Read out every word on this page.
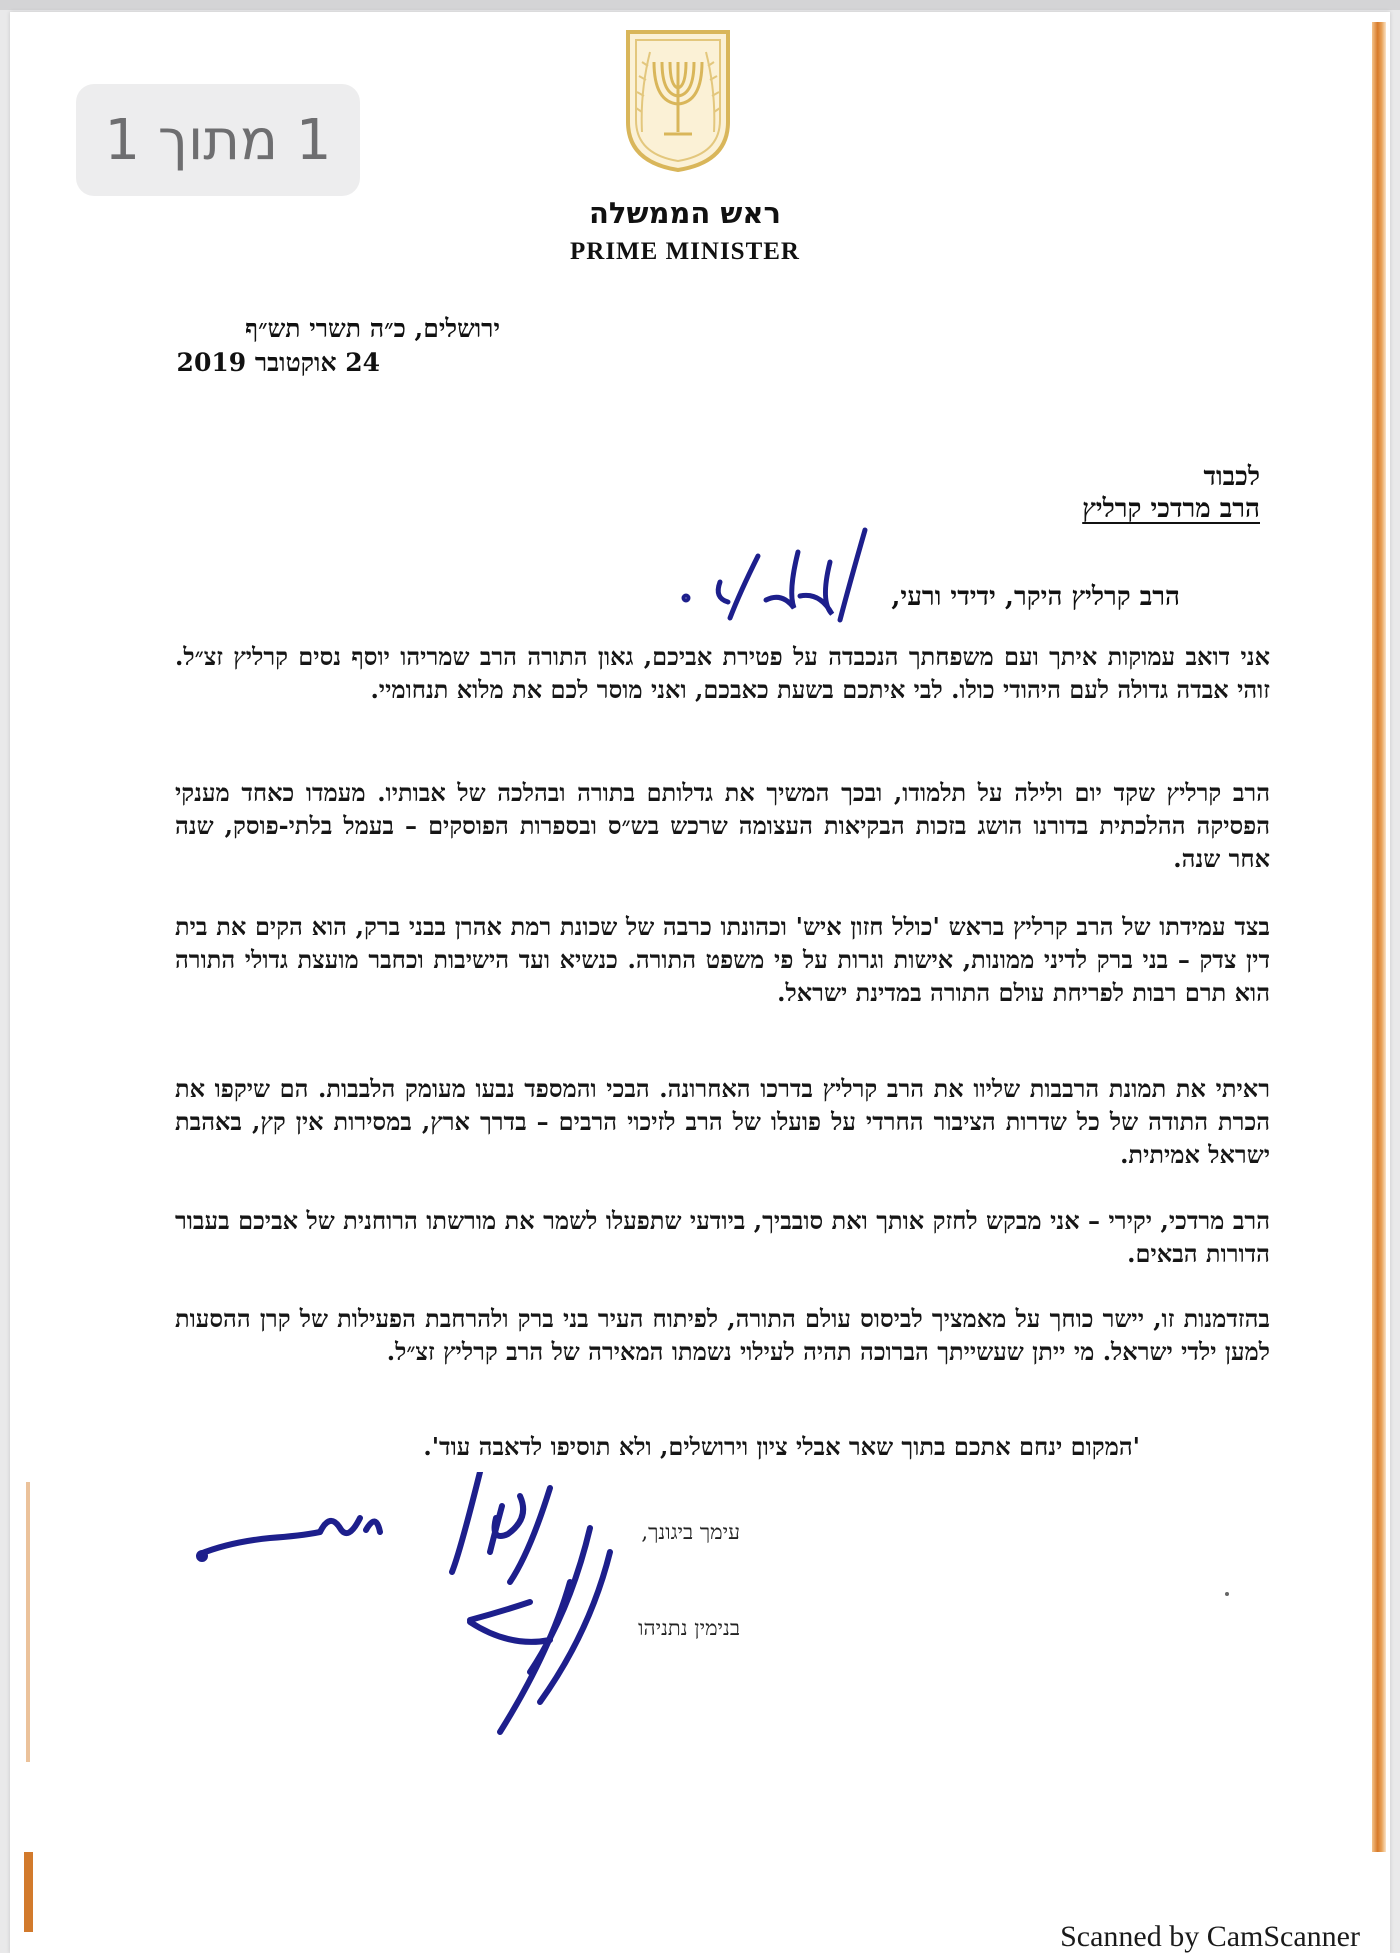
1 מתוך 1
ראש הממשלה
PRIME MINISTER
ירושלים, כ״ה תשרי תש״ף
24 אוקטובר 2019
לכבוד
הרב מרדכי קרליץ
הרב קרליץ היקר, ידידי ורעי,
אני דואב עמוקות איתך ועם משפחתך הנכבדה על פטירת אביכם, גאון התורה הרב שמריהו יוסף נסים קרליץ זצ״ל. זוהי אבדה גדולה לעם היהודי כולו. לבי איתכם בשעת כאבכם, ואני מוסר לכם את מלוא תנחומיי.
הרב קרליץ שקד יום ולילה על תלמודו, ובכך המשיך את גדלותם בתורה ובהלכה של אבותיו. מעמדו כאחד מענקי הפסיקה ההלכתית בדורנו הושג בזכות הבקיאות העצומה שרכש בש״ס ובספרות הפוסקים – בעמל בלתי-פוסק, שנה אחר שנה.
בצד עמידתו של הרב קרליץ בראש 'כולל חזון איש' וכהונתו כרבה של שכונת רמת אהרן בבני ברק, הוא הקים את בית דין צדק – בני ברק לדיני ממונות, אישות וגרות על פי משפט התורה. כנשיא ועד הישיבות וכחבר מועצת גדולי התורה הוא תרם רבות לפריחת עולם התורה במדינת ישראל.
ראיתי את תמונת הרבבות שליוו את הרב קרליץ בדרכו האחרונה. הבכי והמספד נבעו מעומק הלבבות. הם שיקפו את הכרת התודה של כל שדרות הציבור החרדי על פועלו של הרב לזיכוי הרבים – בדרך ארץ, במסירות אין קץ, באהבת ישראל אמיתית.
הרב מרדכי, יקירי – אני מבקש לחזק אותך ואת סובביך, ביודעי שתפעלו לשמר את מורשתו הרוחנית של אביכם בעבור הדורות הבאים.
בהזדמנות זו, יישר כוחך על מאמציך לביסוס עולם התורה, לפיתוח העיר בני ברק ולהרחבת הפעילות של קרן ההסעות למען ילדי ישראל. מי ייתן שעשייתך הברוכה תהיה לעילוי נשמתו המאירה של הרב קרליץ זצ״ל.
'המקום ינחם אתכם בתוך שאר אבלי ציון וירושלים, ולא תוסיפו לדאבה עוד'.
עימך ביגונך,
בנימין נתניהו
Scanned by CamScanner
